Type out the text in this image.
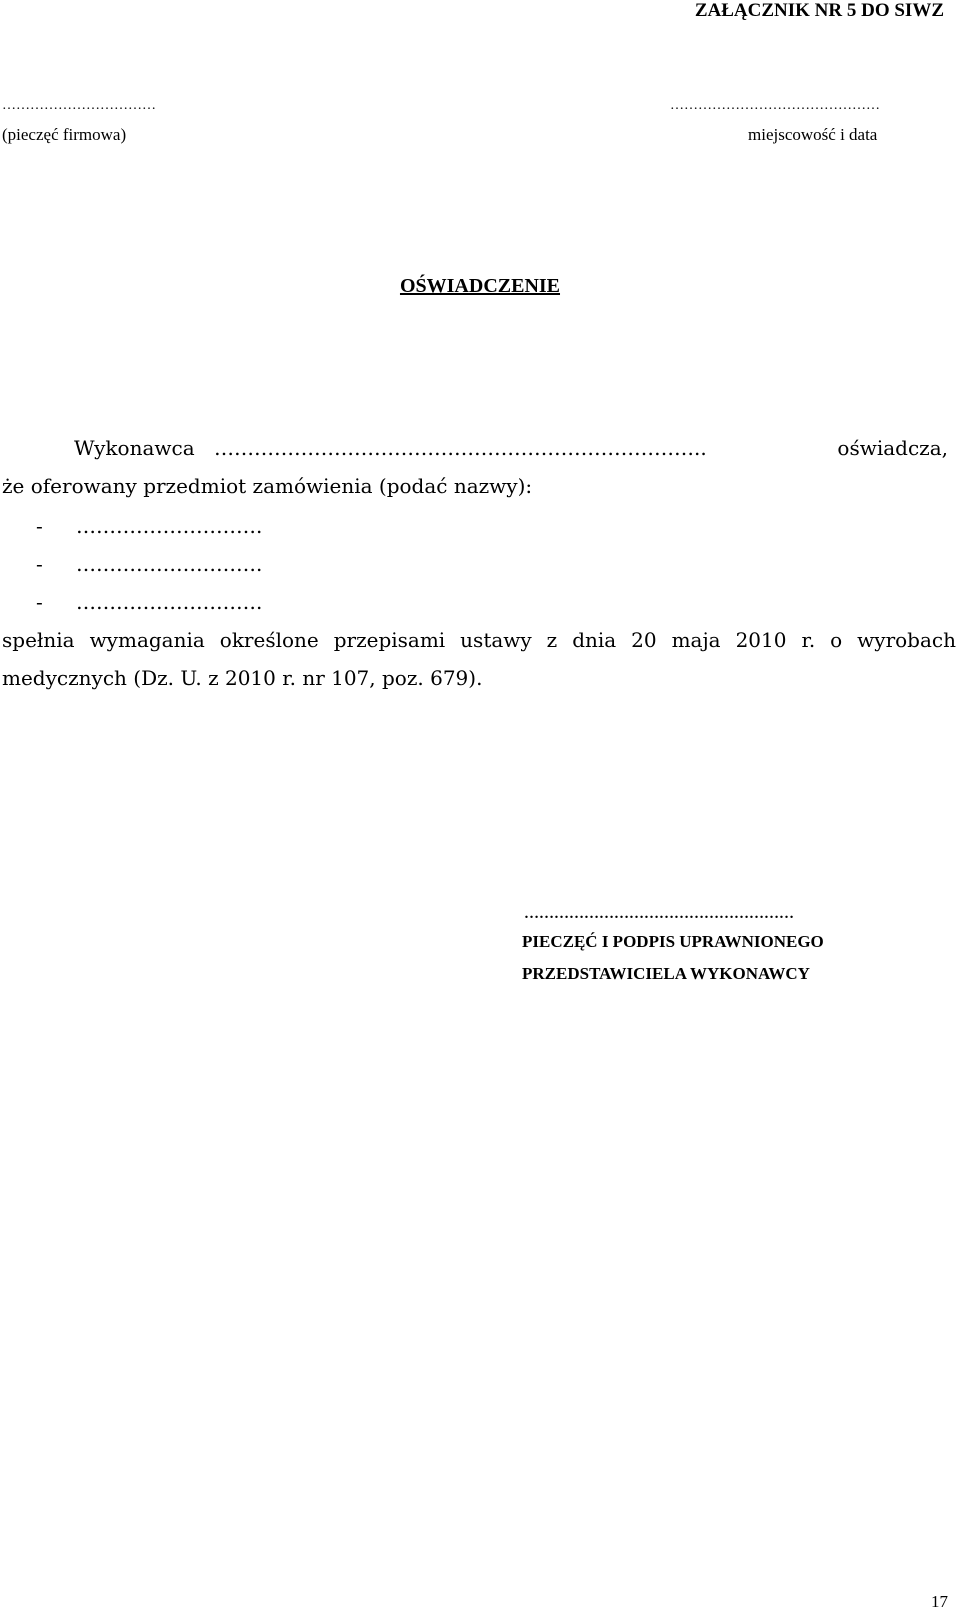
ZAŁĄCZNIK NR 5 DO SIWZ
……………………………
(pieczęć firmowa)
………………………………………
miejscowość i data
OŚWIADCZENIE
Wykonawca ………………………………………………………………..	oświadcza,
że oferowany przedmiot zamówienia (podać nazwy):
- ……………………….
- ……………………….
- ……………………….
spełnia wymagania określone przepisami ustawy z dnia 20 maja 2010 r. o wyrobach
medycznych (Dz. U. z 2010 r. nr 107, poz. 679).
………………………………………………
PIECZĘĆ I PODPIS UPRAWNIONEGO
PRZEDSTAWICIELA WYKONAWCY
17
